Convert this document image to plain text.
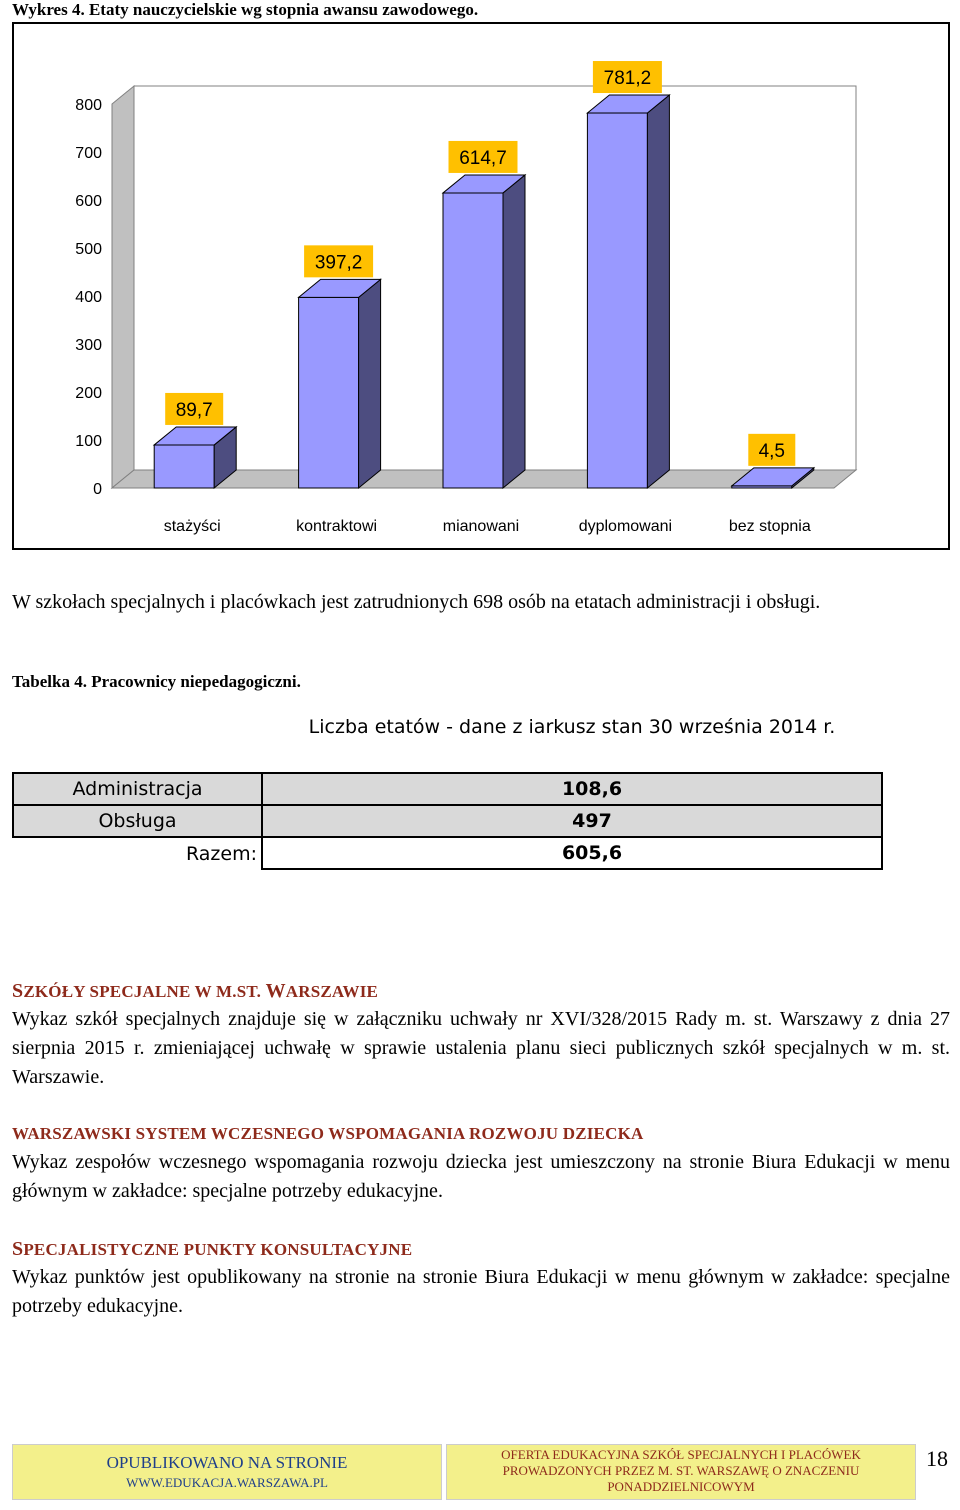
Wykres 4. Etaty nauczycielskie wg stopnia awansu zawodowego.
0
100
200
300
400
500
600
700
800
stażyści
89,7
kontraktowi
397,2
mianowani
614,7
dyplomowani
781,2
bez stopnia
4,5
W szkołach specjalnych i placówkach jest zatrudnionych 698 osób na etatach administracji i obsługi.
Tabelka 4. Pracownicy niepedagogiczni.
	Liczba etatów - dane z iarkusz stan 30 września 2014 r.
Administracja	108,6
Obsługa	497
Razem:	605,6
SZKÓŁY SPECJALNE W M.ST. WARSZAWIE
Wykaz szkół specjalnych znajduje się w załączniku uchwały nr XVI/328/2015 Rady m. st. Warszawy z dnia 27 sierpnia 2015 r. zmieniającej uchwałę w sprawie ustalenia planu sieci publicznych szkół specjalnych w m. st. Warszawie.
WARSZAWSKI SYSTEM WCZESNEGO WSPOMAGANIA ROZWOJU DZIECKA
Wykaz zespołów wczesnego wspomagania rozwoju dziecka jest umieszczony na stronie Biura Edukacji w menu głównym w zakładce: specjalne potrzeby edukacyjne.
SPECJALISTYCZNE PUNKTY KONSULTACYJNE
Wykaz punktów jest opublikowany na stronie na stronie Biura Edukacji w menu głównym w zakładce: specjalne potrzeby edukacyjne.
OPUBLIKOWANO NA STRONIE
WWW.EDUKACJA.WARSZAWA.PL
OFERTA EDUKACYJNA SZKÓŁ SPECJALNYCH I PLACÓWEK
PROWADZONYCH PRZEZ M. ST. WARSZAWĘ O ZNACZENIU
PONADDZIELNICOWYM
18
